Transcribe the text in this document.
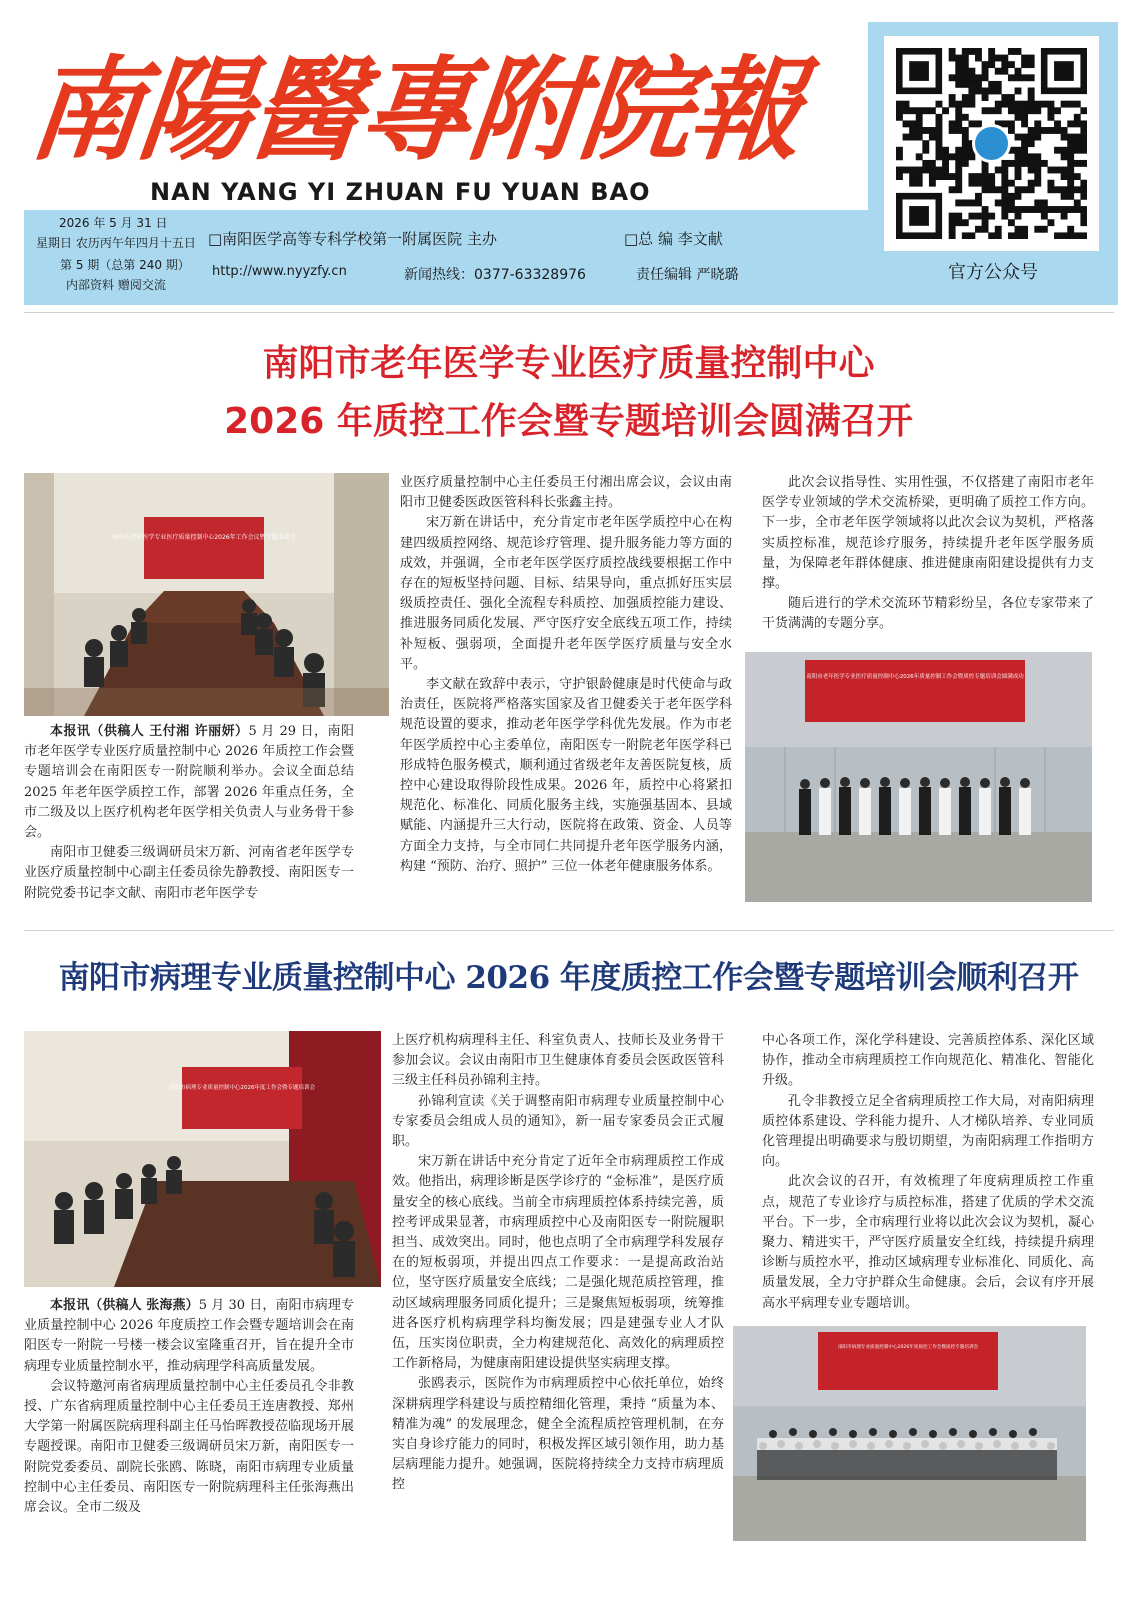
南陽醫專附院報
NAN YANG YI ZHUAN FU YUAN BAO
2026 年 5 月 31 日
星期日 农历丙午年四月十五日
第 5 期（总第 240 期）
内部资料 赠阅交流
□南阳医学高等专科学校第一附属医院 主办	□总 编 李文献
http://www.nyyzfy.cn	新闻热线：0377-63328976	责任编辑 严晓璐	官方公众号
南阳市老年医学专业医疗质量控制中心
2026 年质控工作会暨专题培训会圆满召开
南阳市老年医学专业医疗质量控制中心2026年工作会议暨专题培训会

本报讯（供稿人 王付湘 许丽妍）5 月 29 日，南阳市老年医学专业医疗质量控制中心 2026 年质控工作会暨专题培训会在南阳医专一附院顺利举办。会议全面总结 2025 年老年医学质控工作，部署 2026 年重点任务，全市二级及以上医疗机构老年医学相关负责人与业务骨干参会。

南阳市卫健委三级调研员宋万新、河南省老年医学专业医疗质量控制中心副主任委员徐先静教授、南阳医专一附院党委书记李文献、南阳市老年医学专

业医疗质量控制中心主任委员王付湘出席会议，会议由南阳市卫健委医政医管科科长张鑫主持。

宋万新在讲话中，充分肯定市老年医学质控中心在构建四级质控网络、规范诊疗管理、提升服务能力等方面的成效，并强调，全市老年医学医疗质控战线要根据工作中存在的短板坚持问题、目标、结果导向，重点抓好压实层级质控责任、强化全流程专科质控、加强质控能力建设、推进服务同质化发展、严守医疗安全底线五项工作，持续补短板、强弱项，全面提升老年医学医疗质量与安全水平。

李文献在致辞中表示，守护银龄健康是时代使命与政治责任，医院将严格落实国家及省卫健委关于老年医学科规范设置的要求，推动老年医学学科优先发展。作为市老年医学质控中心主委单位，南阳医专一附院老年医学科已形成特色服务模式，顺利通过省级老年友善医院复核，质控中心建设取得阶段性成果。2026 年，质控中心将紧扣规范化、标准化、同质化服务主线，实施强基固本、县域赋能、内涵提升三大行动，医院将在政策、资金、人员等方面全力支持，与全市同仁共同提升老年医学服务内涵，构建 “预防、治疗、照护” 三位一体老年健康服务体系。

此次会议指导性、实用性强，不仅搭建了南阳市老年医学专业领域的学术交流桥梁，更明确了质控工作方向。下一步，全市老年医学领域将以此次会议为契机，严格落实质控标准，规范诊疗服务，持续提升老年医学服务质量，为保障老年群体健康、推进健康南阳建设提供有力支撑。

随后进行的学术交流环节精彩纷呈，各位专家带来了干货满满的专题分享。

南阳市老年医学专业医疗质量控制中心2026年质量控制工作会暨质控专题培训会圆满成功
南阳市病理专业质量控制中心 2026 年度质控工作会暨专题培训会顺利召开
南阳市病理专业质量控制中心2026年度工作会暨专题培训会

本报讯（供稿人 张海燕）5 月 30 日，南阳市病理专业质量控制中心 2026 年度质控工作会暨专题培训会在南阳医专一附院一号楼一楼会议室隆重召开，旨在提升全市病理专业质量控制水平，推动病理学科高质量发展。

会议特邀河南省病理质量控制中心主任委员孔令非教授、广东省病理质量控制中心主任委员王连唐教授、郑州大学第一附属医院病理科副主任马怡晖教授莅临现场开展专题授课。南阳市卫健委三级调研员宋万新，南阳医专一附院党委委员、副院长张鸥、陈晓，南阳市病理专业质量控制中心主任委员、南阳医专一附院病理科主任张海燕出席会议。全市二级及

上医疗机构病理科主任、科室负责人、技师长及业务骨干参加会议。会议由南阳市卫生健康体育委员会医政医管科三级主任科员孙锦利主持。

孙锦利宣读《关于调整南阳市病理专业质量控制中心专家委员会组成人员的通知》，新一届专家委员会正式履职。

宋万新在讲话中充分肯定了近年全市病理质控工作成效。他指出，病理诊断是医学诊疗的 “金标准”，是医疗质量安全的核心底线。当前全市病理质控体系持续完善，质控考评成果显著，市病理质控中心及南阳医专一附院履职担当、成效突出。同时，他也点明了全市病理学科发展存在的短板弱项，并提出四点工作要求：一是提高政治站位，坚守医疗质量安全底线；二是强化规范质控管理，推动区域病理服务同质化提升；三是聚焦短板弱项，统筹推进各医疗机构病理学科均衡发展；四是建强专业人才队伍，压实岗位职责，全力构建规范化、高效化的病理质控工作新格局，为健康南阳建设提供坚实病理支撑。

张鸥表示，医院作为市病理质控中心依托单位，始终深耕病理学科建设与质控精细化管理，秉持 “质量为本、精准为魂” 的发展理念，健全全流程质控管理机制，在夯实自身诊疗能力的同时，积极发挥区域引领作用，助力基层病理能力提升。她强调，医院将持续全力支持市病理质控

中心各项工作，深化学科建设、完善质控体系、深化区域协作，推动全市病理质控工作向规范化、精准化、智能化升级。

孔令非教授立足全省病理质控工作大局，对南阳病理质控体系建设、学科能力提升、人才梯队培养、专业同质化管理提出明确要求与殷切期望，为南阳病理工作指明方向。

此次会议的召开，有效梳理了年度病理质控工作重点，规范了专业诊疗与质控标准，搭建了优质的学术交流平台。下一步，全市病理行业将以此次会议为契机，凝心聚力、精进实干，严守医疗质量安全红线，持续提升病理诊断与质控水平，推动区域病理专业标准化、同质化、高质量发展，全力守护群众生命健康。会后，会议有序开展高水平病理专业专题培训。

南阳市病理专业质量控制中心2026年度质控工作会暨质控专题培训会
